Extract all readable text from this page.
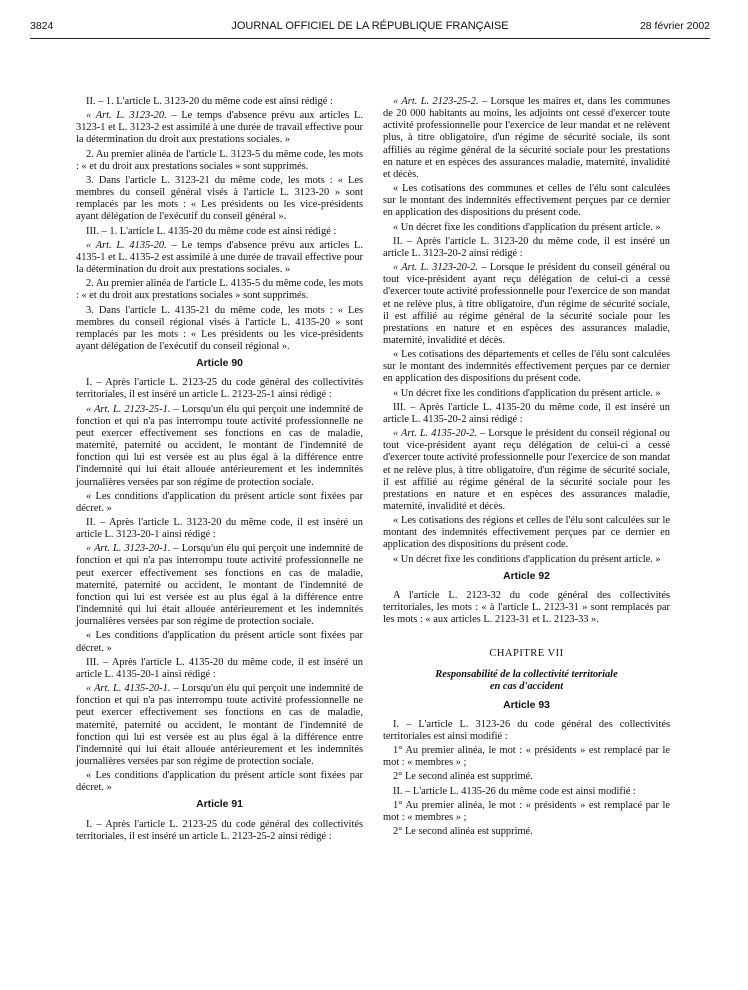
3824	JOURNAL OFFICIEL DE LA RÉPUBLIQUE FRANÇAISE	28 février 2002

II. – 1. L'article L. 3123-20 du même code est ainsi rédigé :

« Art. L. 3123-20. – Le temps d'absence prévu aux articles L. 3123-1 et L. 3123-2 est assimilé à une durée de travail effective pour la détermination du droit aux prestations sociales. »

2. Au premier alinéa de l'article L. 3123-5 du même code, les mots : « et du droit aux prestations sociales » sont supprimés.

3. Dans l'article L. 3123-21 du même code, les mots : « Les membres du conseil général visés à l'article L. 3123-20 » sont remplacés par les mots : « Les présidents ou les vice-présidents ayant délégation de l'exécutif du conseil général ».

III. – 1. L'article L. 4135-20 du même code est ainsi rédigé :

« Art. L. 4135-20. – Le temps d'absence prévu aux articles L. 4135-1 et L. 4135-2 est assimilé à une durée de travail effective pour la détermination du droit aux prestations sociales. »

2. Au premier alinéa de l'article L. 4135-5 du même code, les mots : « et du droit aux prestations sociales » sont supprimés.

3. Dans l'article L. 4135-21 du même code, les mots : « Les membres du conseil régional visés à l'article L. 4135-20 » sont remplacés par les mots : « Les présidents ou les vice-présidents ayant délégation de l'exécutif du conseil régional ».

Article 90

I. – Après l'article L. 2123-25 du code général des collectivités territoriales, il est inséré un article L. 2123-25-1 ainsi rédigé :

« Art. L. 2123-25-1. – Lorsqu'un élu qui perçoit une indemnité de fonction et qui n'a pas interrompu toute activité professionnelle ne peut exercer effectivement ses fonctions en cas de maladie, maternité, paternité ou accident, le montant de l'indemnité de fonction qui lui est versée est au plus égal à la différence entre l'indemnité qui lui était allouée antérieurement et les indemnités journalières versées par son régime de protection sociale.

« Les conditions d'application du présent article sont fixées par décret. »

II. – Après l'article L. 3123-20 du même code, il est inséré un article L. 3123-20-1 ainsi rédigé :

« Art. L. 3123-20-1. – Lorsqu'un élu qui perçoit une indemnité de fonction et qui n'a pas interrompu toute activité professionnelle ne peut exercer effectivement ses fonctions en cas de maladie, maternité, paternité ou accident, le montant de l'indemnité de fonction qui lui est versée est au plus égal à la différence entre l'indemnité qui lui était allouée antérieurement et les indemnités journalières versées par son régime de protection sociale.

« Les conditions d'application du présent article sont fixées par décret. »

III. – Après l'article L. 4135-20 du même code, il est inséré un article L. 4135-20-1 ainsi rédigé :

« Art. L. 4135-20-1. – Lorsqu'un élu qui perçoit une indemnité de fonction et qui n'a pas interrompu toute activité professionnelle ne peut exercer effectivement ses fonctions en cas de maladie, maternité, paternité ou accident, le montant de l'indemnité de fonction qui lui est versée est au plus égal à la différence entre l'indemnité qui lui était allouée antérieurement et les indemnités journalières versées par son régime de protection sociale.

« Les conditions d'application du présent article sont fixées par décret. »

Article 91

I. – Après l'article L. 2123-25 du code général des collectivités territoriales, il est inséré un article L. 2123-25-2 ainsi rédigé :

« Art. L. 2123-25-2. – Lorsque les maires et, dans les communes de 20 000 habitants au moins, les adjoints ont cessé d'exercer toute activité professionnelle pour l'exercice de leur mandat et ne relèvent plus, à titre obligatoire, d'un régime de sécurité sociale, ils sont affiliés au régime général de la sécurité sociale pour les prestations en nature et en espèces des assurances maladie, maternité, invalidité et décès.

« Les cotisations des communes et celles de l'élu sont calculées sur le montant des indemnités effectivement perçues par ce dernier en application des dispositions du présent code.

« Un décret fixe les conditions d'application du présent article. »

II. – Après l'article L. 3123-20 du même code, il est inséré un article L. 3123-20-2 ainsi rédigé :

« Art. L. 3123-20-2. – Lorsque le président du conseil général ou tout vice-président ayant reçu délégation de celui-ci a cessé d'exercer toute activité professionnelle pour l'exercice de son mandat et ne relève plus, à titre obligatoire, d'un régime de sécurité sociale, il est affilié au régime général de la sécurité sociale pour les prestations en nature et en espèces des assurances maladie, maternité, invalidité et décès.

« Les cotisations des départements et celles de l'élu sont calculées sur le montant des indemnités effectivement perçues par ce dernier en application des dispositions du présent code.

« Un décret fixe les conditions d'application du présent article. »

III. – Après l'article L. 4135-20 du même code, il est inséré un article L. 4135-20-2 ainsi rédigé :

« Art. L. 4135-20-2. – Lorsque le président du conseil régional ou tout vice-président ayant reçu délégation de celui-ci a cessé d'exercer toute activité professionnelle pour l'exercice de son mandat et ne relève plus, à titre obligatoire, d'un régime de sécurité sociale, il est affilié au régime général de la sécurité sociale pour les prestations en nature et en espèces des assurances maladie, maternité, invalidité et décès.

« Les cotisations des régions et celles de l'élu sont calculées sur le montant des indemnités effectivement perçues par ce dernier en application des dispositions du présent code.

« Un décret fixe les conditions d'application du présent article. »

Article 92

A l'article L. 2123-32 du code général des collectivités territoriales, les mots : « à l'article L. 2123-31 » sont remplacés par les mots : « aux articles L. 2123-31 et L. 2123-33 ».

CHAPITRE VII
Responsabilité de la collectivité territoriale
en cas d'accident
Article 93

I. – L'article L. 3123-26 du code général des collectivités territoriales est ainsi modifié :

1° Au premier alinéa, le mot : « présidents » est remplacé par le mot : « membres » ;

2° Le second alinéa est supprimé.

II. – L'article L. 4135-26 du même code est ainsi modifié :

1° Au premier alinéa, le mot : « présidents » est remplacé par le mot : « membres » ;

2° Le second alinéa est supprimé.
